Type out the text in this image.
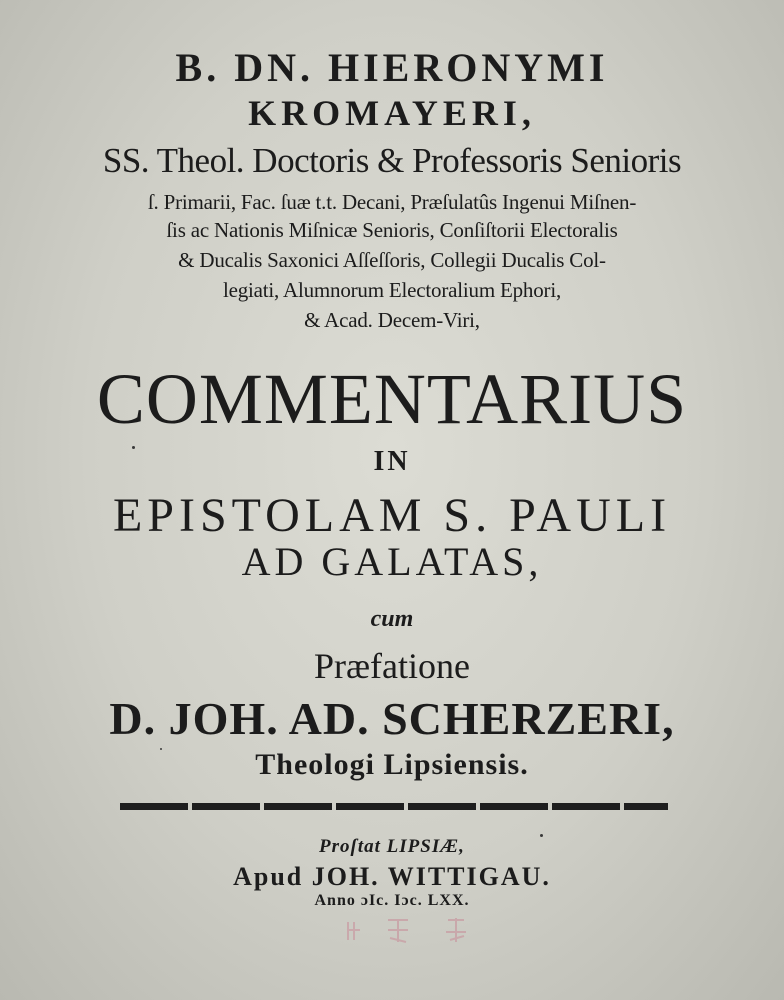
B. DN. HIERONYMI
KROMAYERI,
SS. Theol. Doctoris & Professoris Senioris
ſ. Primarii, Fac. ſuæ t.t. Decani, Præſulatûs Ingenui Miſnen-
ſis ac Nationis Miſnicæ Senioris, Conſiſtorii Electoralis
& Ducalis Saxonici Aſſeſſoris, Collegii Ducalis Col-
legiati, Alumnorum Electoralium Ephori,
& Acad. Decem-Viri,
COMMENTARIUS
IN
EPISTOLAM S. PAULI
AD GALATAS,
cum
Præfatione
D. JOH. AD. SCHERZERI,
Theologi Lipsiensis.
Proſtat LIPSIÆ,
Apud JOH. WITTIGAU.
Anno ɔIc. Iɔc. LXX.
